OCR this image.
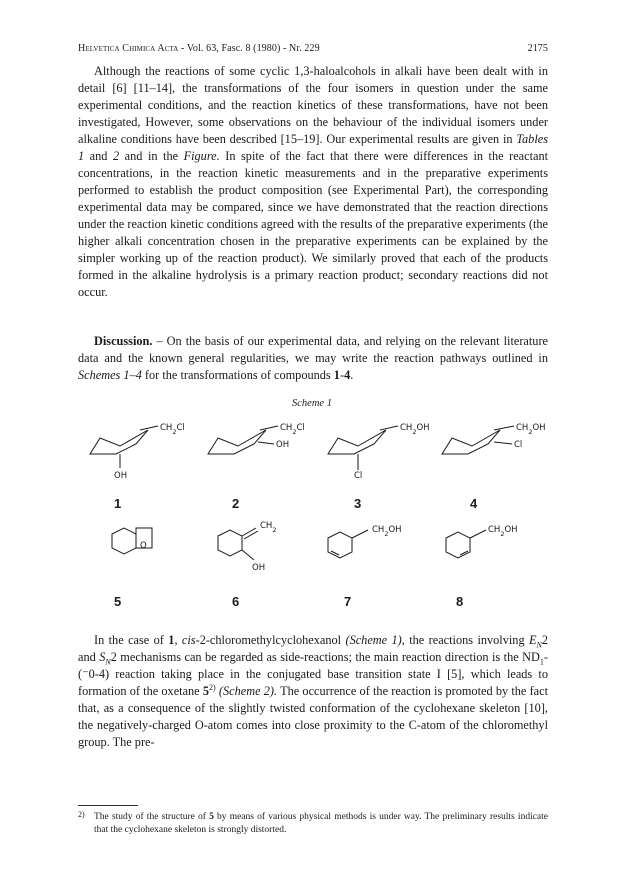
Helvetica Chimica Acta - Vol. 63, Fasc. 8 (1980) - Nr. 229	2175

Although the reactions of some cyclic 1,3-haloalcohols in alkali have been dealt with in detail [6] [11–14], the transformations of the four isomers in question under the same experimental conditions, and the reaction kinetics of these transformations, have not been investigated, However, some observations on the behaviour of the individual isomers under alkaline conditions have been described [15–19]. Our experimental results are given in Tables 1 and 2 and in the Figure. In spite of the fact that there were differences in the reactant concentrations, in the reaction kinetic measurements and in the preparative experiments performed to establish the product composition (see Experimental Part), the corresponding experimental data may be compared, since we have demonstrated that the reaction directions under the reaction kinetic conditions agreed with the results of the preparative experiments (the higher alkali concentration chosen in the preparative experiments can be explained by the simpler working up of the reaction product). We similarly proved that each of the products formed in the alkaline hydrolysis is a primary reaction product; secondary reactions did not occur.

Discussion. – On the basis of our experimental data, and relying on the relevant literature data and the known general regularities, we may write the reaction pathways outlined in Schemes 1–4 for the transformations of compounds 1-4.

Scheme 1
$CH_2Cl$
OH
$CH_2Cl$
OH
$CH_2OH$
Cl
$CH_2OH$
Cl
O
$CH_2$
OH
$CH_2OH$	$CH_2OH$
1	2	3	4
5	6	7	8

In the case of 1, cis-2-chloromethylcyclohexanol (Scheme 1), the reactions involving $E_N2$ and $S_N2$ mechanisms can be regarded as side-reactions; the main reaction direction is the $ND_1-(^-0-4)$ reaction taking place in the conjugated base transition state I [5], which leads to formation of the oxetane 5$^{2)}$ (Scheme 2). The occurrence of the reaction is promoted by the fact that, as a consequence of the slightly twisted conformation of the cyclohexane skeleton [10], the negatively-charged O-atom comes into close proximity to the C-atom of the chloromethyl group. The pre-

2) The study of the structure of 5 by means of various physical methods is under way. The preliminary results indicate that the cyclohexane skeleton is strongly distorted.
